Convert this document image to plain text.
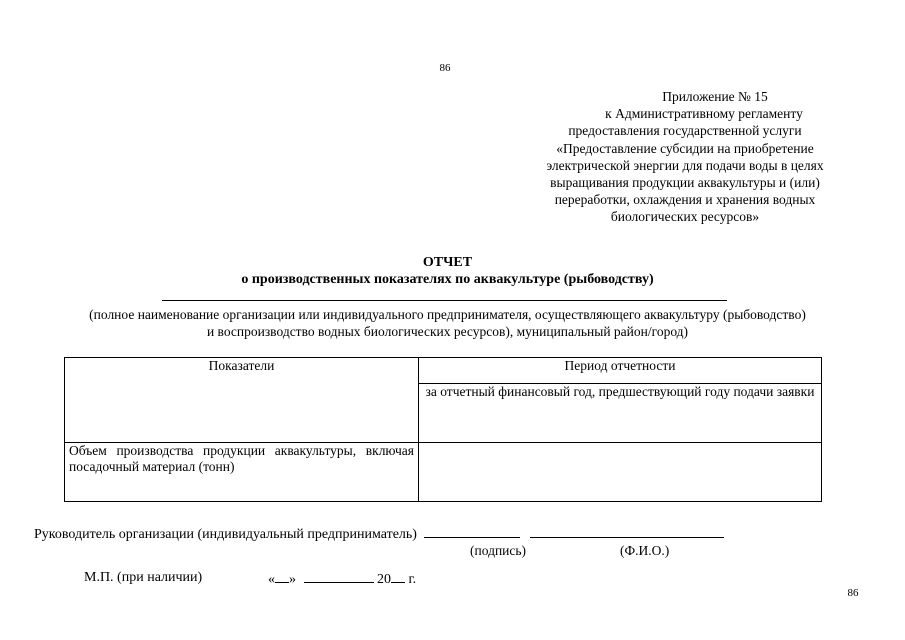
86
Приложение № 15
к Административному регламенту
предоставления государственной услуги
«Предоставление субсидии на приобретение
электрической энергии для подачи воды в целях
выращивания продукции аквакультуры и (или)
переработки, охлаждения и хранения водных
биологических ресурсов»
ОТЧЕТ
о производственных показателях по аквакультуре (рыбоводству)
(полное наименование организации или индивидуального предпринимателя, осуществляющего аквакультуру (рыбоводство)
и воспроизводство водных биологических ресурсов), муниципальный район/город)
Показатели	Период отчетности
	за отчетный финансовый год, предшествующий году подачи заявки
Объем производства продукции аквакультуры, включая посадочный материал (тонн)	
Руководитель организации (индивидуальный предприниматель)
(подпись)	(Ф.И.О.)
М.П. (при наличии)	« »	20 г.
86
